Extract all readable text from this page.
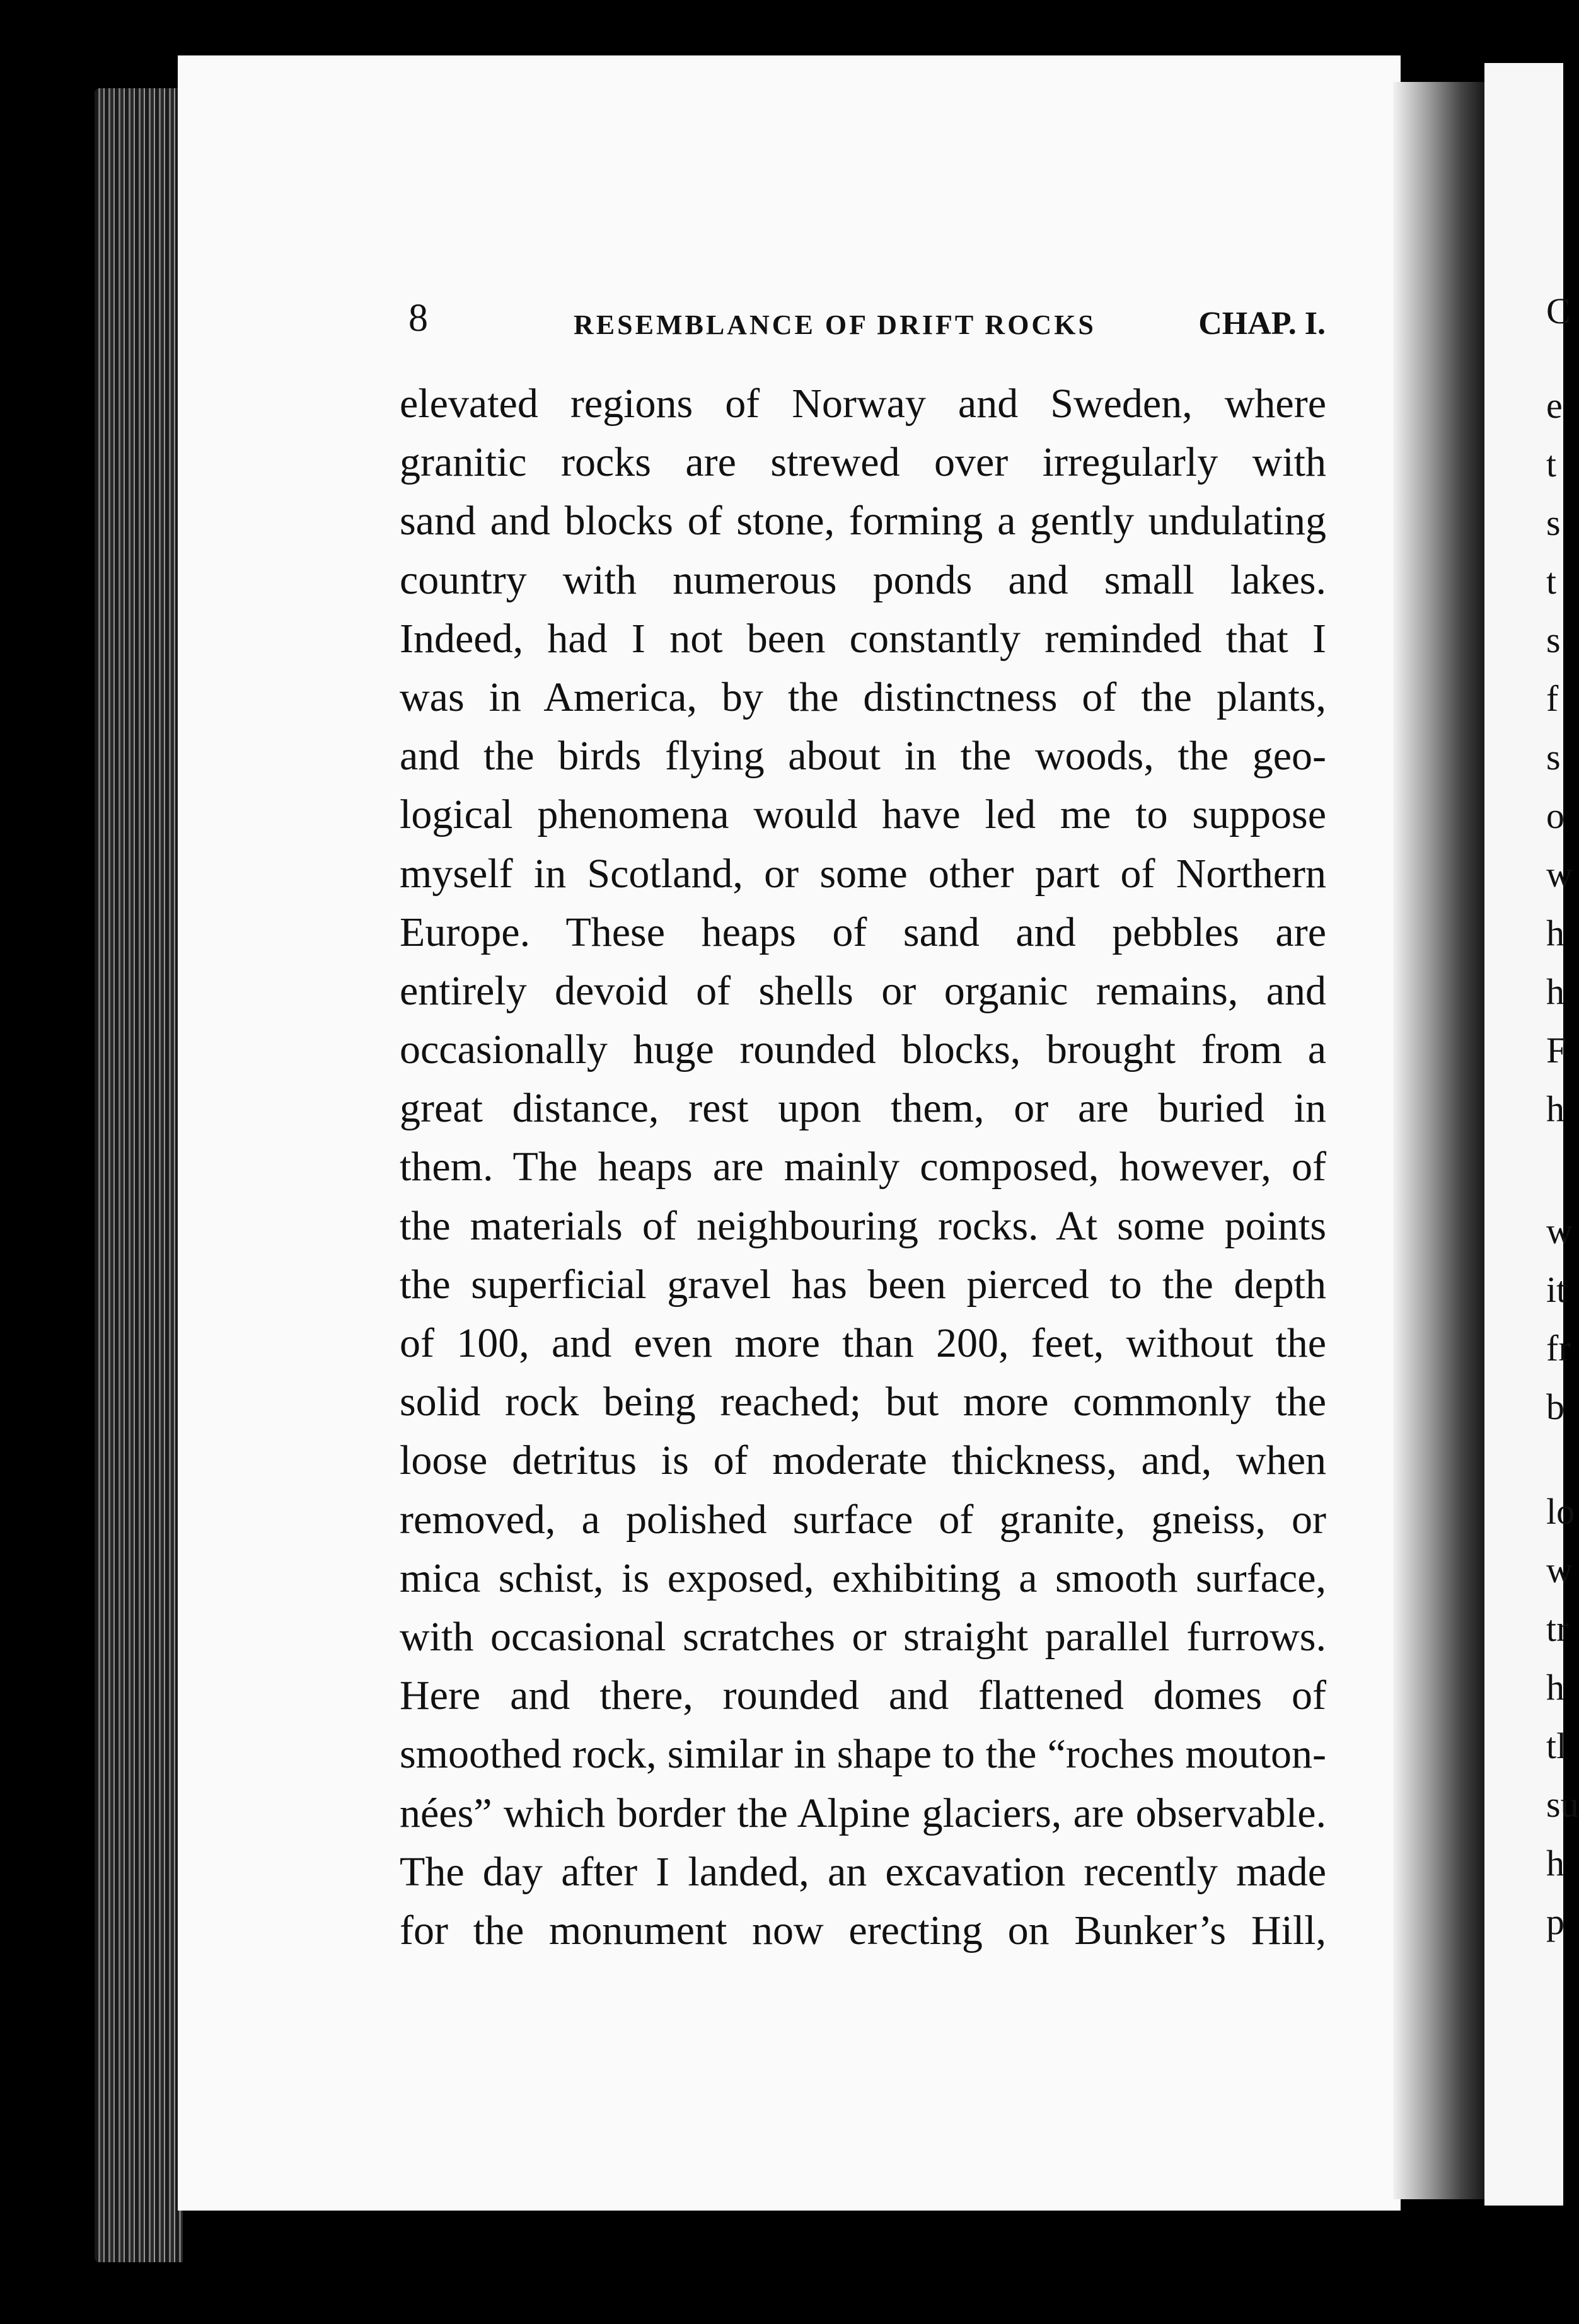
C
e
t
s
t
s
f
s
o
w
h
h
F
h
w
it
fr
b
lo
w
tr
h
tl
su
h
p
8	RESEMBLANCE OF DRIFT ROCKS	CHAP. I.
elevated regions of Norway and Sweden, where
granitic rocks are strewed over irregularly with
sand and blocks of stone, forming a gently undulating
country with numerous ponds and small lakes.
Indeed, had I not been constantly reminded that I
was in America, by the distinctness of the plants,
and the birds flying about in the woods, the geo-
logical phenomena would have led me to suppose
myself in Scotland, or some other part of Northern
Europe. These heaps of sand and pebbles are
entirely devoid of shells or organic remains, and
occasionally huge rounded blocks, brought from a
great distance, rest upon them, or are buried in
them. The heaps are mainly composed, however, of
the materials of neighbouring rocks. At some points
the superficial gravel has been pierced to the depth
of 100, and even more than 200, feet, without the
solid rock being reached; but more commonly the
loose detritus is of moderate thickness, and, when
removed, a polished surface of granite, gneiss, or
mica schist, is exposed, exhibiting a smooth surface,
with occasional scratches or straight parallel furrows.
Here and there, rounded and flattened domes of
smoothed rock, similar in shape to the “roches mouton-
nées” which border the Alpine glaciers, are observable.
The day after I landed, an excavation recently made
for the monument now erecting on Bunker’s Hill,
